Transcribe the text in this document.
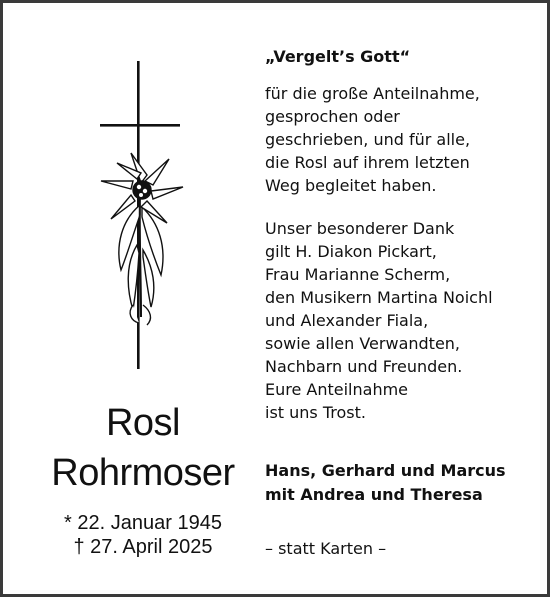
Rosl
Rohrmoser
* 22. Januar 1945
† 27. April 2025

„Vergelt’s Gott“

für die große Anteilnahme,

gesprochen oder

geschrieben, und für alle,

die Rosl auf ihrem letzten

Weg begleitet haben.

Unser besonderer Dank

gilt H. Diakon Pickart,

Frau Marianne Scherm,

den Musikern Martina Noichl

und Alexander Fiala,

sowie allen Verwandten,

Nachbarn und Freunden.

Eure Anteilnahme

ist uns Trost.

Hans, Gerhard und Marcus
mit Andrea und Theresa
– statt Karten –
